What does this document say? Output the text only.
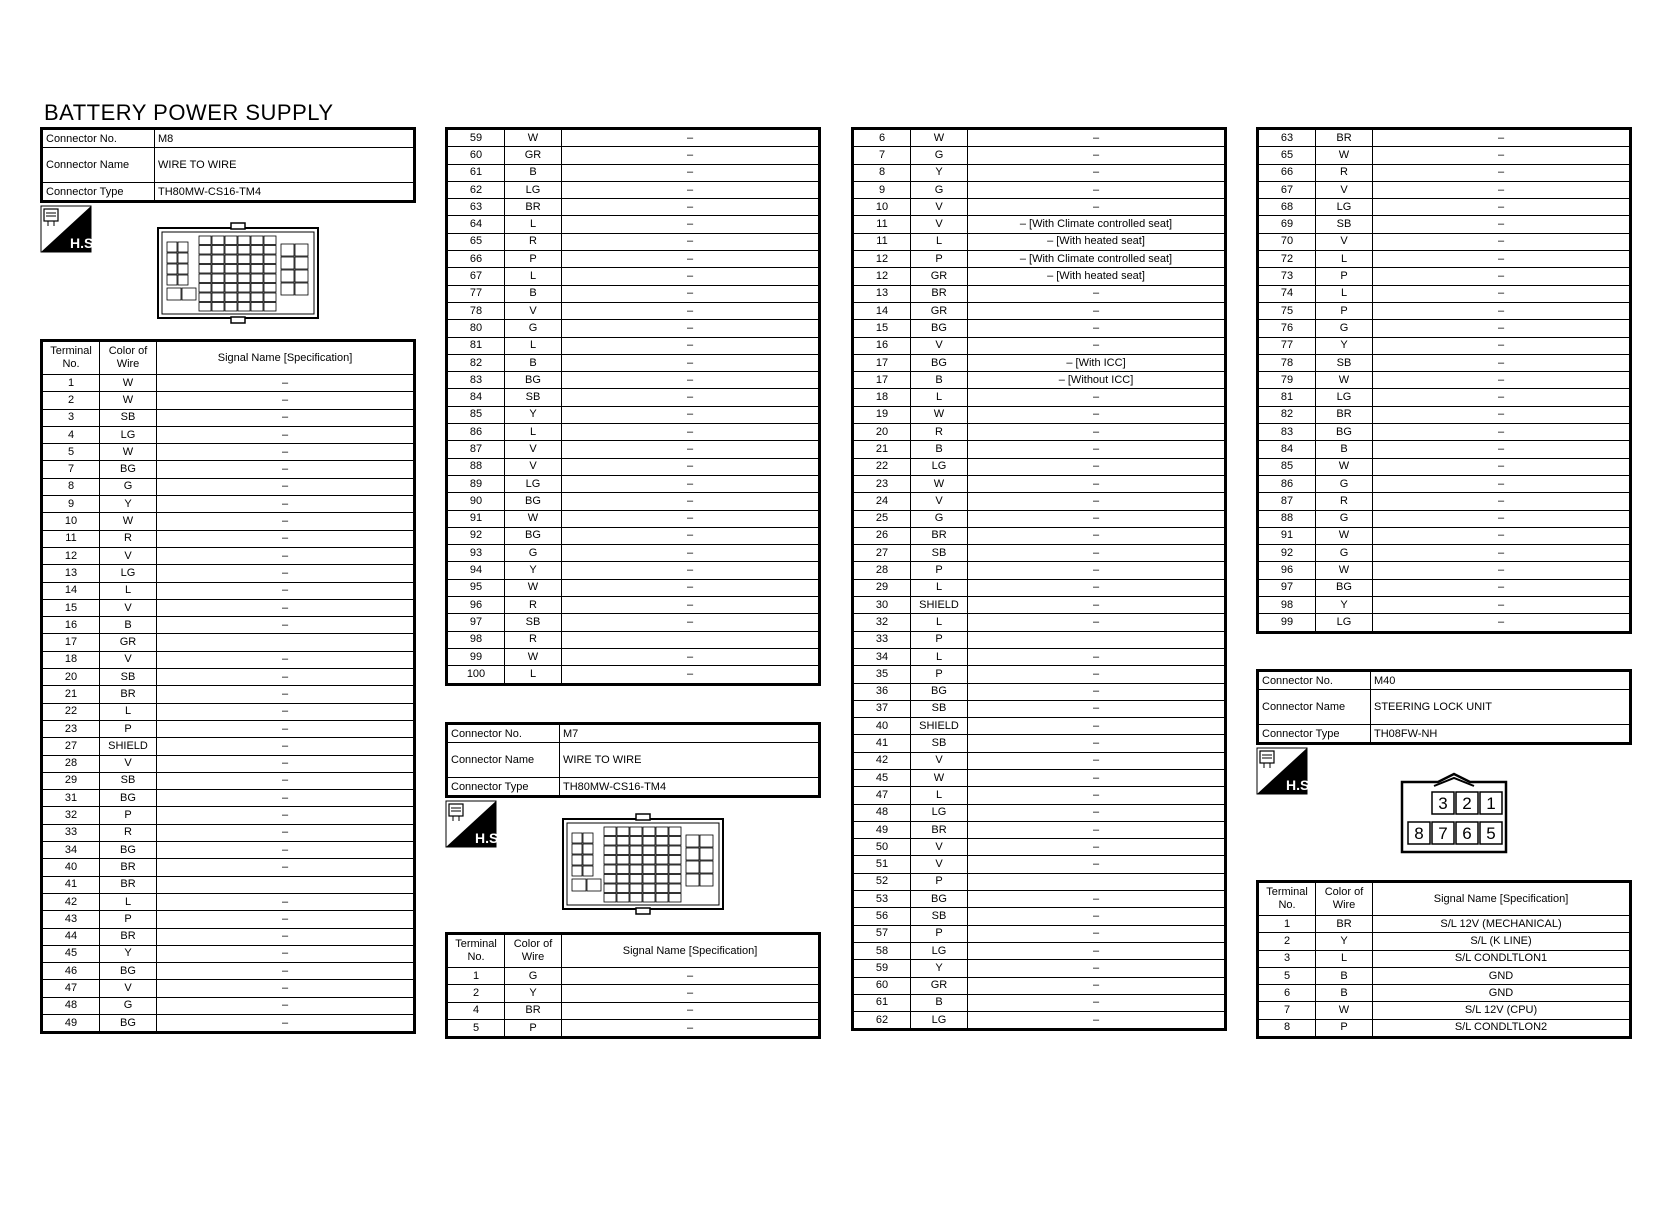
BATTERY POWER SUPPLY
Connector No.	M8
Connector Name	WIRE TO WIRE
Connector Type	TH80MW-CS16-TM4
H.S.
Terminal No.	Color of Wire	Signal Name [Specification]
1	W	–
2	W	–
3	SB	–
4	LG	–
5	W	–
7	BG	–
8	G	–
9	Y	–
10	W	–
11	R	–
12	V	–
13	LG	–
14	L	–
15	V	–
16	B	–
17	GR	
18	V	–
20	SB	–
21	BR	–
22	L	–
23	P	–
27	SHIELD	–
28	V	–
29	SB	–
31	BG	–
32	P	–
33	R	–
34	BG	–
40	BR	–
41	BR	
42	L	–
43	P	–
44	BR	–
45	Y	–
46	BG	–
47	V	–
48	G	–
49	BG	–
59	W	–
60	GR	–
61	B	–
62	LG	–
63	BR	–
64	L	–
65	R	–
66	P	–
67	L	–
77	B	–
78	V	–
80	G	–
81	L	–
82	B	–
83	BG	–
84	SB	–
85	Y	–
86	L	–
87	V	–
88	V	–
89	LG	–
90	BG	–
91	W	–
92	BG	–
93	G	–
94	Y	–
95	W	–
96	R	–
97	SB	–
98	R	
99	W	–
100	L	–
Connector No.	M7
Connector Name	WIRE TO WIRE
Connector Type	TH80MW-CS16-TM4
H.S.
Terminal No.	Color of Wire	Signal Name [Specification]
1	G	–
2	Y	–
4	BR	–
5	P	–
6	W	–
7	G	–
8	Y	–
9	G	–
10	V	–
11	V	– [With Climate controlled seat]
11	L	– [With heated seat]
12	P	– [With Climate controlled seat]
12	GR	– [With heated seat]
13	BR	–
14	GR	–
15	BG	–
16	V	–
17	BG	– [With ICC]
17	B	– [Without ICC]
18	L	–
19	W	–
20	R	–
21	B	–
22	LG	–
23	W	–
24	V	–
25	G	–
26	BR	–
27	SB	–
28	P	–
29	L	–
30	SHIELD	–
32	L	–
33	P	
34	L	–
35	P	–
36	BG	–
37	SB	–
40	SHIELD	–
41	SB	–
42	V	–
45	W	–
47	L	–
48	LG	–
49	BR	–
50	V	–
51	V	–
52	P	
53	BG	–
56	SB	–
57	P	–
58	LG	–
59	Y	–
60	GR	–
61	B	–
62	LG	–
63	BR	–
65	W	–
66	R	–
67	V	–
68	LG	–
69	SB	–
70	V	–
72	L	–
73	P	–
74	L	–
75	P	–
76	G	–
77	Y	–
78	SB	–
79	W	–
81	LG	–
82	BR	–
83	BG	–
84	B	–
85	W	–
86	G	–
87	R	–
88	G	–
91	W	–
92	G	–
96	W	–
97	BG	–
98	Y	–
99	LG	–
Connector No.	M40
Connector Name	STEERING LOCK UNIT
Connector Type	TH08FW-NH
H.S.
3 2 1
8 7 6 5
Terminal No.	Color of Wire	Signal Name [Specification]
1	BR	S/L 12V (MECHANICAL)
2	Y	S/L (K LINE)
3	L	S/L CONDLTLON1
5	B	GND
6	B	GND
7	W	S/L 12V (CPU)
8	P	S/L CONDLTLON2
